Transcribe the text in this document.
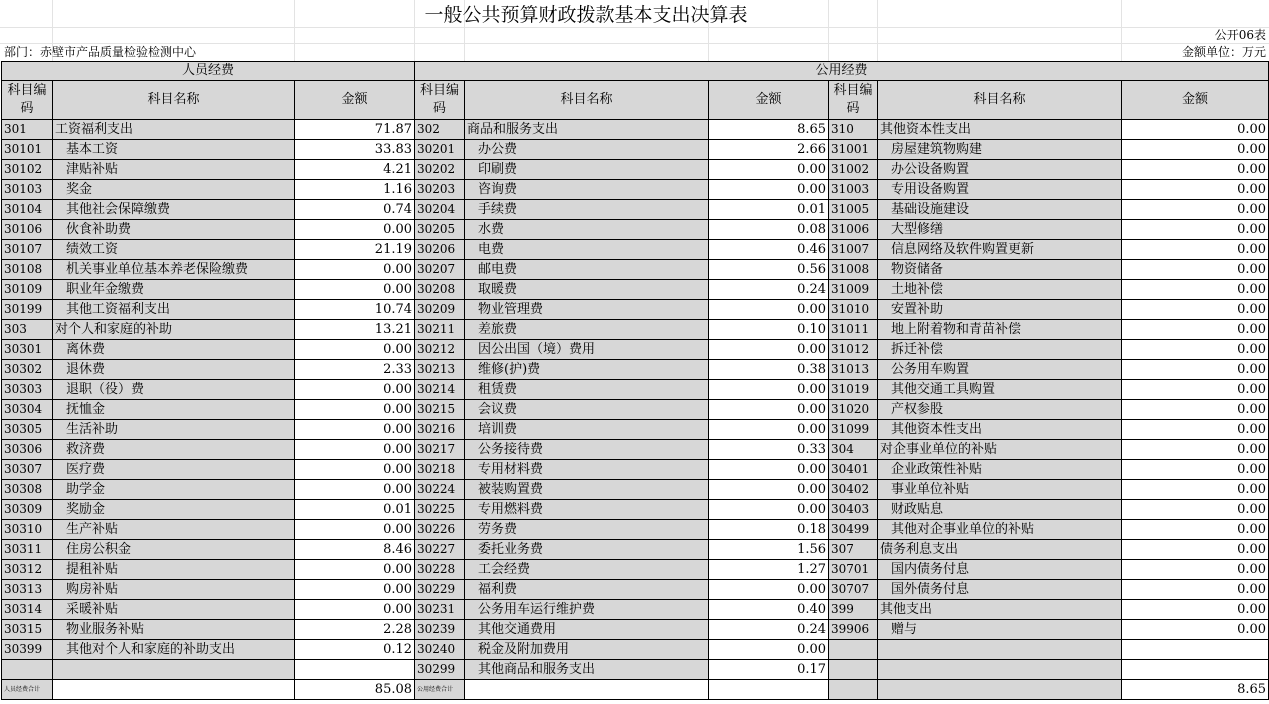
一般公共预算财政拨款基本支出决算表
公开06表
部门：赤壁市产品质量检验检测中心	金额单位：万元
人员经费			公用经费					
科目编码	科目名称	金额	科目编码	科目名称	金额	科目编码	科目名称	金额
301	工资福利支出	71.87	302	商品和服务支出	8.65	310	其他资本性支出	0.00
30101	基本工资	33.83	30201	办公费	2.66	31001	房屋建筑物购建	0.00
30102	津贴补贴	4.21	30202	印刷费	0.00	31002	办公设备购置	0.00
30103	奖金	1.16	30203	咨询费	0.00	31003	专用设备购置	0.00
30104	其他社会保障缴费	0.74	30204	手续费	0.01	31005	基础设施建设	0.00
30106	伙食补助费	0.00	30205	水费	0.08	31006	大型修缮	0.00
30107	绩效工资	21.19	30206	电费	0.46	31007	信息网络及软件购置更新	0.00
30108	机关事业单位基本养老保险缴费	0.00	30207	邮电费	0.56	31008	物资储备	0.00
30109	职业年金缴费	0.00	30208	取暖费	0.24	31009	土地补偿	0.00
30199	其他工资福利支出	10.74	30209	物业管理费	0.00	31010	安置补助	0.00
303	对个人和家庭的补助	13.21	30211	差旅费	0.10	31011	地上附着物和青苗补偿	0.00
30301	离休费	0.00	30212	因公出国（境）费用	0.00	31012	拆迁补偿	0.00
30302	退休费	2.33	30213	维修(护)费	0.38	31013	公务用车购置	0.00
30303	退职（役）费	0.00	30214	租赁费	0.00	31019	其他交通工具购置	0.00
30304	抚恤金	0.00	30215	会议费	0.00	31020	产权参股	0.00
30305	生活补助	0.00	30216	培训费	0.00	31099	其他资本性支出	0.00
30306	救济费	0.00	30217	公务接待费	0.33	304	对企事业单位的补贴	0.00
30307	医疗费	0.00	30218	专用材料费	0.00	30401	企业政策性补贴	0.00
30308	助学金	0.00	30224	被装购置费	0.00	30402	事业单位补贴	0.00
30309	奖励金	0.01	30225	专用燃料费	0.00	30403	财政贴息	0.00
30310	生产补贴	0.00	30226	劳务费	0.18	30499	其他对企事业单位的补贴	0.00
30311	住房公积金	8.46	30227	委托业务费	1.56	307	债务利息支出	0.00
30312	提租补贴	0.00	30228	工会经费	1.27	30701	国内债务付息	0.00
30313	购房补贴	0.00	30229	福利费	0.00	30707	国外债务付息	0.00
30314	采暖补贴	0.00	30231	公务用车运行维护费	0.40	399	其他支出	0.00
30315	物业服务补贴	2.28	30239	其他交通费用	0.24	39906	赠与	0.00
30399	其他对个人和家庭的补助支出	0.12	30240	税金及附加费用	0.00			
			30299	其他商品和服务支出	0.17			
人员经费合计		85.08	公用经费合计					8.65
